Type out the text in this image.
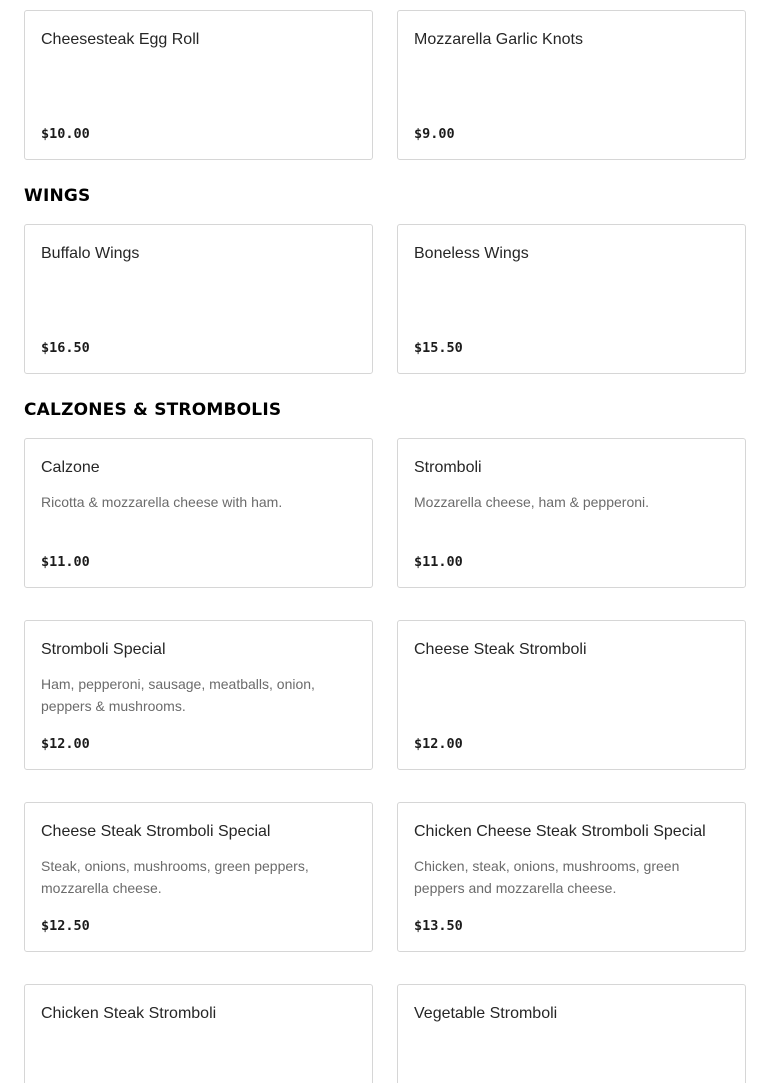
Cheesesteak Egg Roll
$10.00
Mozzarella Garlic Knots
$9.00
WINGS
Buffalo Wings
$16.50
Boneless Wings
$15.50
CALZONES & STROMBOLIS
Calzone
Ricotta & mozzarella cheese with ham.
$11.00
Stromboli
Mozzarella cheese, ham & pepperoni.
$11.00
Stromboli Special
Ham, pepperoni, sausage, meatballs, onion, peppers & mushrooms.
$12.00
Cheese Steak Stromboli
$12.00
Cheese Steak Stromboli Special
Steak, onions, mushrooms, green peppers, mozzarella cheese.
$12.50
Chicken Cheese Steak Stromboli Special
Chicken, steak, onions, mushrooms, green peppers and mozzarella cheese.
$13.50
Chicken Steak Stromboli	Vegetable Stromboli
